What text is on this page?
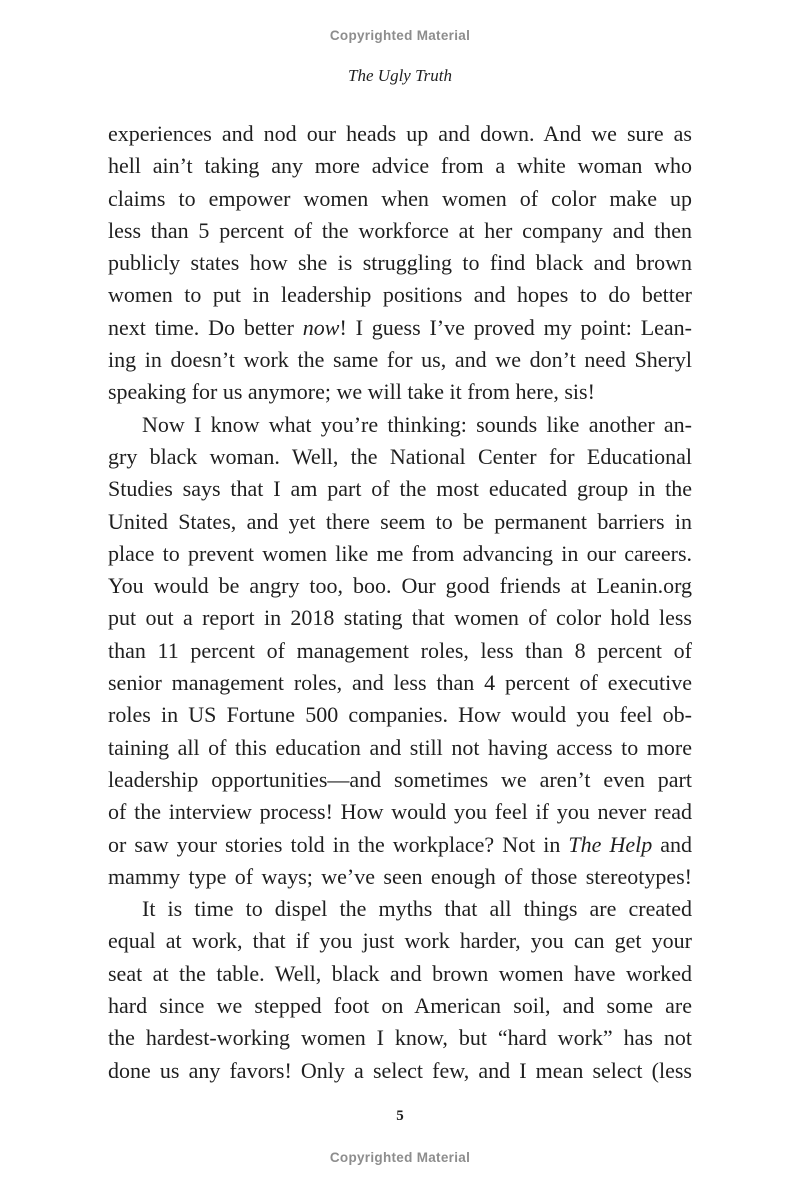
Copyrighted Material
The Ugly Truth
experiences and nod our heads up and down. And we sure as
hell ain’t taking any more advice from a white woman who
claims to empower women when women of color make up
less than 5 percent of the workforce at her company and then
publicly states how she is struggling to find black and brown
women to put in leadership positions and hopes to do better
next time. Do better now! I guess I’ve proved my point: Lean-
ing in doesn’t work the same for us, and we don’t need Sheryl
speaking for us anymore; we will take it from here, sis!
Now I know what you’re thinking: sounds like another an-
gry black woman. Well, the National Center for Educational
Studies says that I am part of the most educated group in the
United States, and yet there seem to be permanent barriers in
place to prevent women like me from advancing in our careers.
You would be angry too, boo. Our good friends at Leanin.org
put out a report in 2018 stating that women of color hold less
than 11 percent of management roles, less than 8 percent of
senior management roles, and less than 4 percent of executive
roles in US Fortune 500 companies. How would you feel ob-
taining all of this education and still not having access to more
leadership opportunities—and sometimes we aren’t even part
of the interview process! How would you feel if you never read
or saw your stories told in the workplace? Not in The Help and
mammy type of ways; we’ve seen enough of those stereotypes!
It is time to dispel the myths that all things are created
equal at work, that if you just work harder, you can get your
seat at the table. Well, black and brown women have worked
hard since we stepped foot on American soil, and some are
the hardest-working women I know, but “hard work” has not
done us any favors! Only a select few, and I mean select (less
5
Copyrighted Material
